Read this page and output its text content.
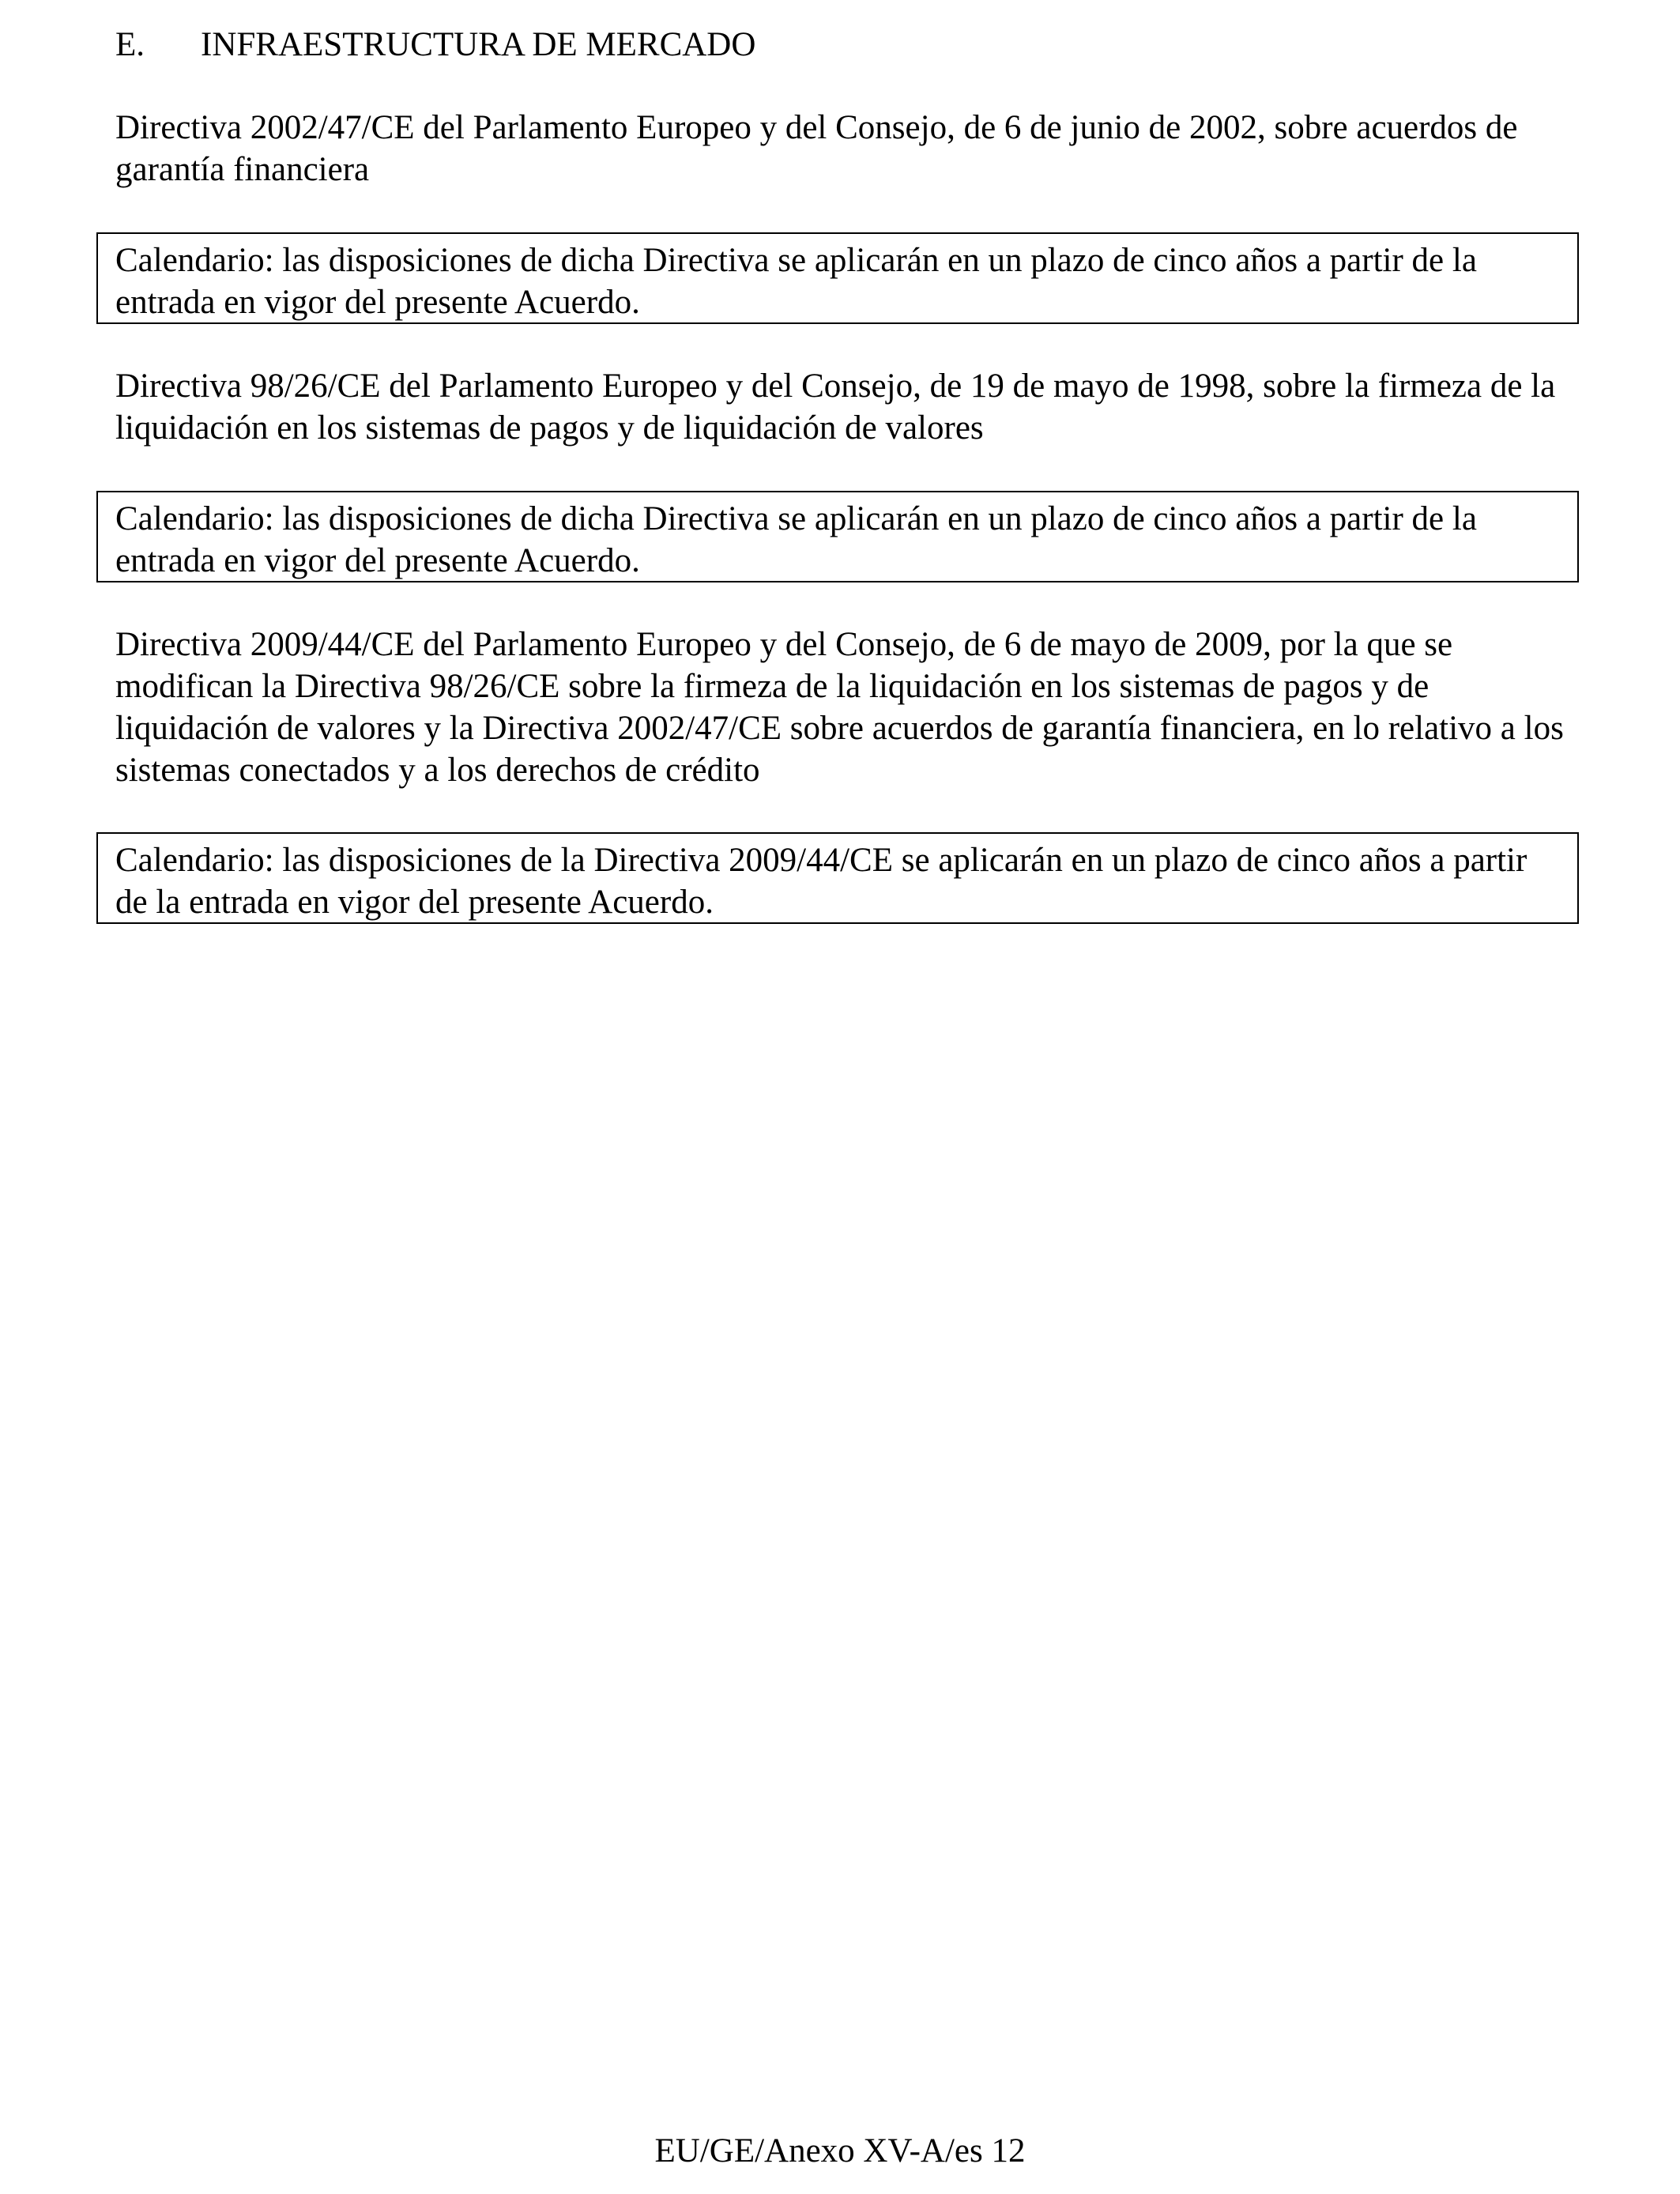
E. INFRAESTRUCTURA DE MERCADO
Directiva 2002/47/CE del Parlamento Europeo y del Consejo, de 6 de junio de 2002, sobre acuerdos de garantía financiera
Calendario: las disposiciones de dicha Directiva se aplicarán en un plazo de cinco años a partir de la entrada en vigor del presente Acuerdo.
Directiva 98/26/CE del Parlamento Europeo y del Consejo, de 19 de mayo de 1998, sobre la firmeza de la liquidación en los sistemas de pagos y de liquidación de valores
Calendario: las disposiciones de dicha Directiva se aplicarán en un plazo de cinco años a partir de la entrada en vigor del presente Acuerdo.
Directiva 2009/44/CE del Parlamento Europeo y del Consejo, de 6 de mayo de 2009, por la que se modifican la Directiva 98/26/CE sobre la firmeza de la liquidación en los sistemas de pagos y de liquidación de valores y la Directiva 2002/47/CE sobre acuerdos de garantía financiera, en lo relativo a los sistemas conectados y a los derechos de crédito
Calendario: las disposiciones de la Directiva 2009/44/CE se aplicarán en un plazo de cinco años a partir de la entrada en vigor del presente Acuerdo.
EU/GE/Anexo XV-A/es 12
